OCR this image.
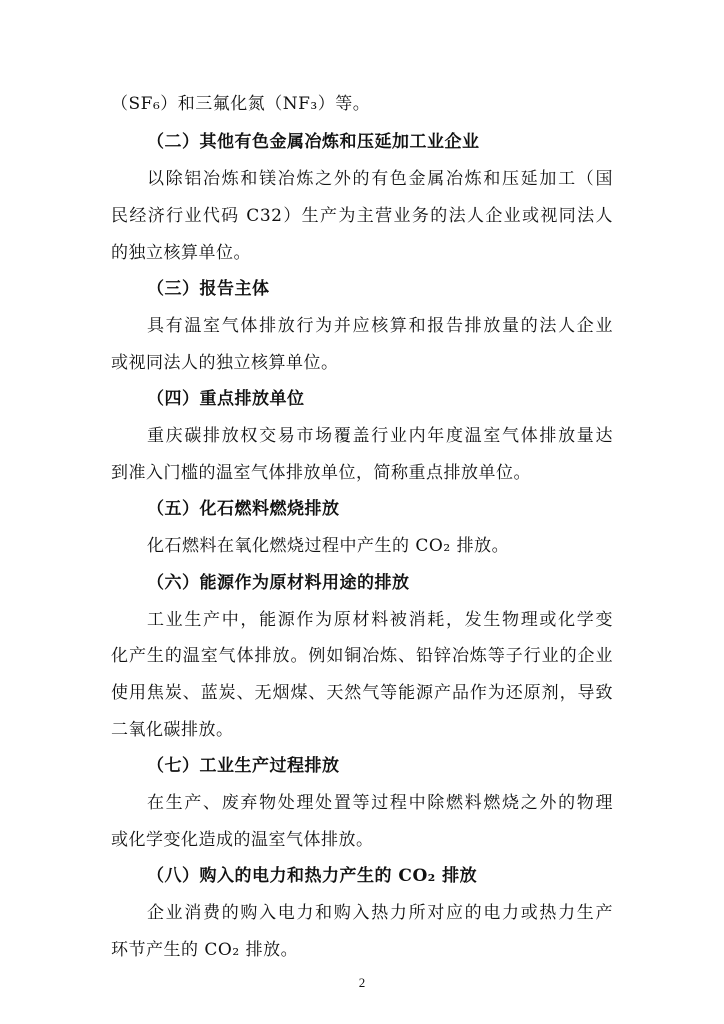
（SF₆）和三氟化氮（NF₃）等。
（二）其他有色金属冶炼和压延加工业企业
以除铝冶炼和镁冶炼之外的有色金属冶炼和压延加工（国
民经济行业代码 C32）生产为主营业务的法人企业或视同法人
的独立核算单位。
（三）报告主体
具有温室气体排放行为并应核算和报告排放量的法人企业
或视同法人的独立核算单位。
（四）重点排放单位
重庆碳排放权交易市场覆盖行业内年度温室气体排放量达
到准入门槛的温室气体排放单位，简称重点排放单位。
（五）化石燃料燃烧排放
化石燃料在氧化燃烧过程中产生的 CO₂ 排放。
（六）能源作为原材料用途的排放
工业生产中，能源作为原材料被消耗，发生物理或化学变
化产生的温室气体排放。例如铜冶炼、铅锌冶炼等子行业的企业
使用焦炭、蓝炭、无烟煤、天然气等能源产品作为还原剂，导致
二氧化碳排放。
（七）工业生产过程排放
在生产、废弃物处理处置等过程中除燃料燃烧之外的物理
或化学变化造成的温室气体排放。
（八）购入的电力和热力产生的 CO₂ 排放
企业消费的购入电力和购入热力所对应的电力或热力生产
环节产生的 CO₂ 排放。
2
